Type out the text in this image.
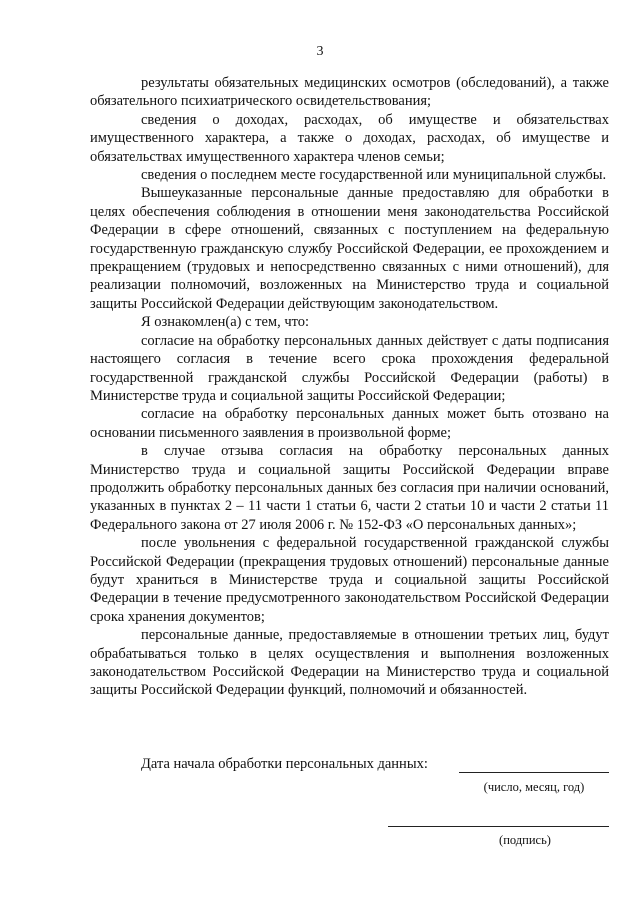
3

результаты обязательных медицинских осмотров (обследований), а также обязательного психиатрического освидетельствования;

сведения о доходах, расходах, об имуществе и обязательствах имущественного характера, а также о доходах, расходах, об имуществе и обязательствах имущественного характера членов семьи;

сведения о последнем месте государственной или муниципальной службы.

Вышеуказанные персональные данные предоставляю для обработки в целях обеспечения соблюдения в отношении меня законодательства Российской Федерации в сфере отношений, связанных с поступлением на федеральную государственную гражданскую службу Российской Федерации, ее прохождением и прекращением (трудовых и непосредственно связанных с ними отношений), для реализации полномочий, возложенных на Министерство труда и социальной защиты Российской Федерации действующим законодательством.

Я ознакомлен(а) с тем, что:

согласие на обработку персональных данных действует с даты подписания настоящего согласия в течение всего срока прохождения федеральной государственной гражданской службы Российской Федерации (работы) в Министерстве труда и социальной защиты Российской Федерации;

согласие на обработку персональных данных может быть отозвано на основании письменного заявления в произвольной форме;

в случае отзыва согласия на обработку персональных данных Министерство труда и социальной защиты Российской Федерации вправе продолжить обработку персональных данных без согласия при наличии оснований, указанных в пунктах 2 – 11 части 1 статьи 6, части 2 статьи 10 и части 2 статьи 11 Федерального закона от 27 июля 2006 г. № 152-ФЗ «О персональных данных»;

после увольнения с федеральной государственной гражданской службы Российской Федерации (прекращения трудовых отношений) персональные данные будут храниться в Министерстве труда и социальной защиты Российской Федерации в течение предусмотренного законодательством Российской Федерации срока хранения документов;

персональные данные, предоставляемые в отношении третьих лиц, будут обрабатываться только в целях осуществления и выполнения возложенных законодательством Российской Федерации на Министерство труда и социальной защиты Российской Федерации функций, полномочий и обязанностей.

Дата начала обработки персональных данных:
(число, месяц, год)
(подпись)
